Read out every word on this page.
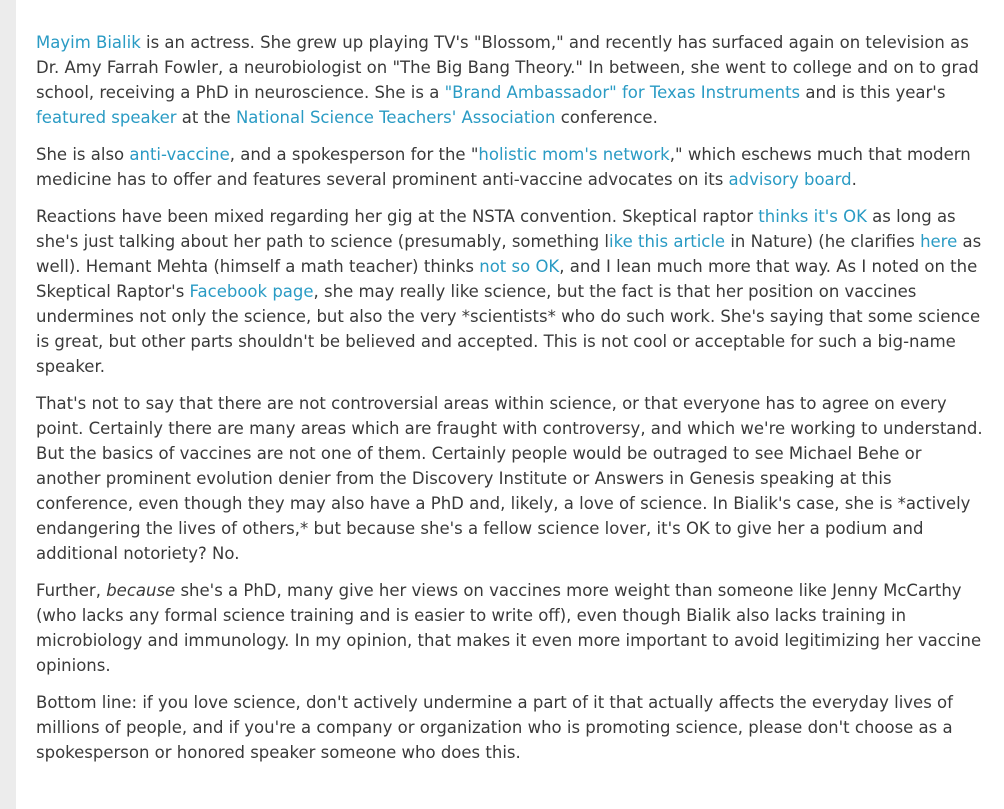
Mayim Bialik is an actress. She grew up playing TV's "Blossom," and recently has surfaced again on television as Dr. Amy Farrah Fowler, a neurobiologist on "The Big Bang Theory." In between, she went to college and on to grad school, receiving a PhD in neuroscience. She is a "Brand Ambassador" for Texas Instruments and is this year's featured speaker at the National Science Teachers' Association conference.

She is also anti-vaccine, and a spokesperson for the "holistic mom's network," which eschews much that modern medicine has to offer and features several prominent anti-vaccine advocates on its advisory board.

Reactions have been mixed regarding her gig at the NSTA convention. Skeptical raptor thinks it's OK as long as she's just talking about her path to science (presumably, something like this article in Nature) (he clarifies here as well). Hemant Mehta (himself a math teacher) thinks not so OK, and I lean much more that way. As I noted on the Skeptical Raptor's Facebook page, she may really like science, but the fact is that her position on vaccines undermines not only the science, but also the very *scientists* who do such work. She's saying that some science is great, but other parts shouldn't be believed and accepted. This is not cool or acceptable for such a big-name speaker.

That's not to say that there are not controversial areas within science, or that everyone has to agree on every point. Certainly there are many areas which are fraught with controversy, and which we're working to understand. But the basics of vaccines are not one of them. Certainly people would be outraged to see Michael Behe or another prominent evolution denier from the Discovery Institute or Answers in Genesis speaking at this conference, even though they may also have a PhD and, likely, a love of science. In Bialik's case, she is *actively endangering the lives of others,* but because she's a fellow science lover, it's OK to give her a podium and additional notoriety? No.

Further, because she's a PhD, many give her views on vaccines more weight than someone like Jenny McCarthy (who lacks any formal science training and is easier to write off), even though Bialik also lacks training in microbiology and immunology. In my opinion, that makes it even more important to avoid legitimizing her vaccine opinions.

Bottom line: if you love science, don't actively undermine a part of it that actually affects the everyday lives of millions of people, and if you're a company or organization who is promoting science, please don't choose as a spokesperson or honored speaker someone who does this.
